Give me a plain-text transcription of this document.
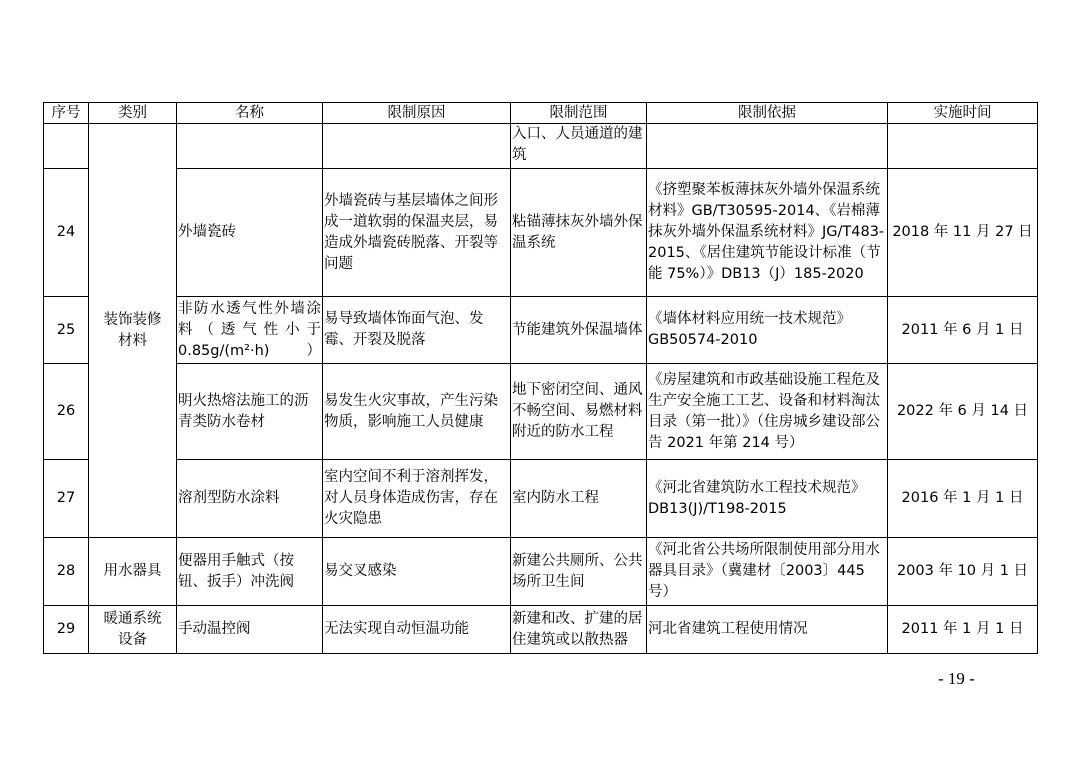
序号	类别	名称	限制原因	限制范围	限制依据	实施时间
	装饰装修材料			入口、人员通道的建筑		
24		外墙瓷砖	外墙瓷砖与基层墙体之间形成一道软弱的保温夹层，易造成外墙瓷砖脱落、开裂等问题	粘锚薄抹灰外墙外保温系统	《挤塑聚苯板薄抹灰外墙外保温系统材料》GB/T30595-2014、《岩棉薄抹灰外墙外保温系统材料》JG/T483-2015、《居住建筑节能设计标准（节能 75%）》DB13（J）185-2020	2018 年 11 月 27 日
25		非防水透气性外墙涂料（透气性小于0.85g/(m²·h)）	易导致墙体饰面气泡、发霉、开裂及脱落	节能建筑外保温墙体	《墙体材料应用统一技术规范》GB50574-2010	2011 年 6 月 1 日
26		明火热熔法施工的沥青类防水卷材	易发生火灾事故，产生污染物质，影响施工人员健康	地下密闭空间、通风不畅空间、易燃材料附近的防水工程	《房屋建筑和市政基础设施工程危及生产安全施工工艺、设备和材料淘汰目录（第一批）》（住房城乡建设部公告 2021 年第 214 号）	2022 年 6 月 14 日
27		溶剂型防水涂料	室内空间不利于溶剂挥发，对人员身体造成伤害，存在火灾隐患	室内防水工程	《河北省建筑防水工程技术规范》DB13(J)/T198-2015	2016 年 1 月 1 日
28	用水器具	便器用手触式（按钮、扳手）冲洗阀	易交叉感染	新建公共厕所、公共场所卫生间	《河北省公共场所限制使用部分用水器具目录》（冀建材〔2003〕445 号）	2003 年 10 月 1 日
29	暖通系统设备	手动温控阀	无法实现自动恒温功能	新建和改、扩建的居住建筑或以散热器	河北省建筑工程使用情况	2011 年 1 月 1 日
- 19 -
